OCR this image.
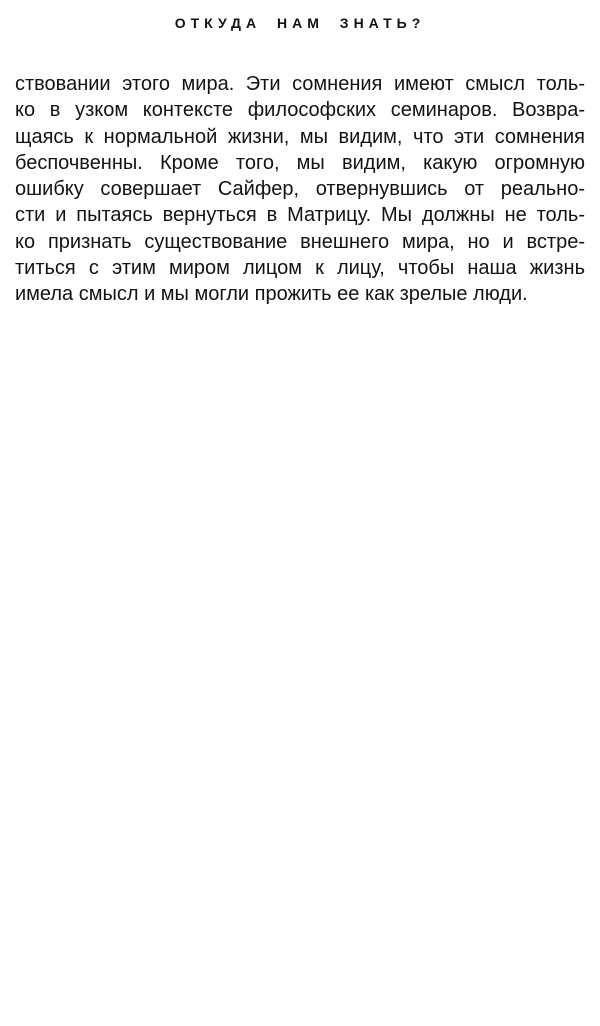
ОТКУДА НАМ ЗНАТЬ?
ствовании этого мира. Эти сомнения имеют смысл толь-
ко в узком контексте философских семинаров. Возвра-
щаясь к нормальной жизни, мы видим, что эти сомнения
беспочвенны. Кроме того, мы видим, какую огромную
ошибку совершает Сайфер, отвернувшись от реально-
сти и пытаясь вернуться в Матрицу. Мы должны не толь-
ко признать существование внешнего мира, но и встре-
титься с этим миром лицом к лицу, чтобы наша жизнь
имела смысл и мы могли прожить ее как зрелые люди.
